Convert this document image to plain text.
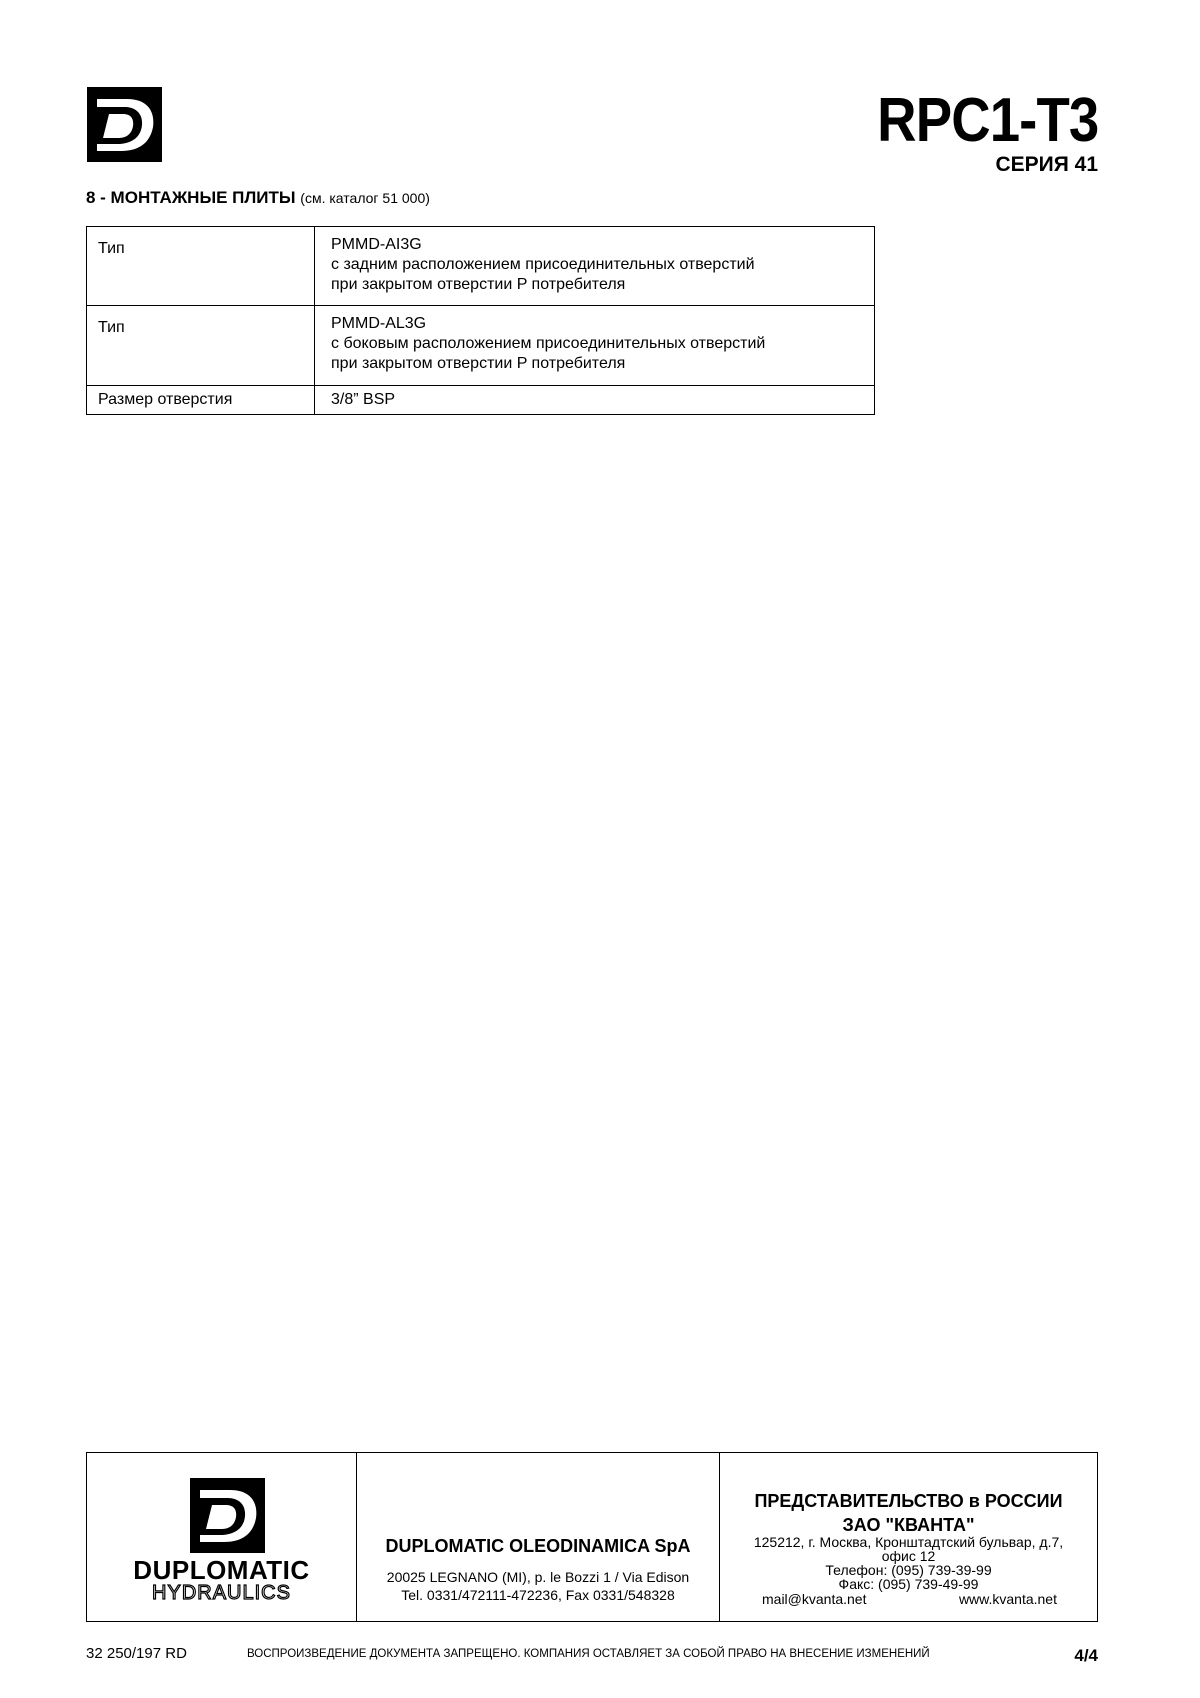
RPC1-T3
СЕРИЯ 41
8 - МОНТАЖНЫЕ ПЛИТЫ (см. каталог 51 000)
Тип	PMMD-AI3G
с задним расположением присоединительных отверстий
при закрытом отверстии P потребителя

Тип	PMMD-AL3G
с боковым расположением присоединительных отверстий
при закрытом отверстии P потребителя

Размер отверстия	3/8” BSP
DUPLOMATIC
HYDRAULICS
DUPLOMATIC OLEODINAMICA SpA
20025 LEGNANO (MI), p. le Bozzi 1 / Via Edison
Tel. 0331/472111-472236, Fax 0331/548328
ПРЕДСТАВИТЕЛЬСТВО в РОССИИ
ЗАО "КВАНТА"
125212, г. Москва, Кронштадтский бульвар, д.7,
офис 12
Телефон: (095) 739-39-99
Факс: (095) 739-49-99
mail@kvanta.net	www.kvanta.net
32 250/197 RD	ВОСПРОИЗВЕДЕНИЕ ДОКУМЕНТА ЗАПРЕЩЕНО. КОМПАНИЯ ОСТАВЛЯЕТ ЗА СОБОЙ ПРАВО НА ВНЕСЕНИЕ ИЗМЕНЕНИЙ	4/4
